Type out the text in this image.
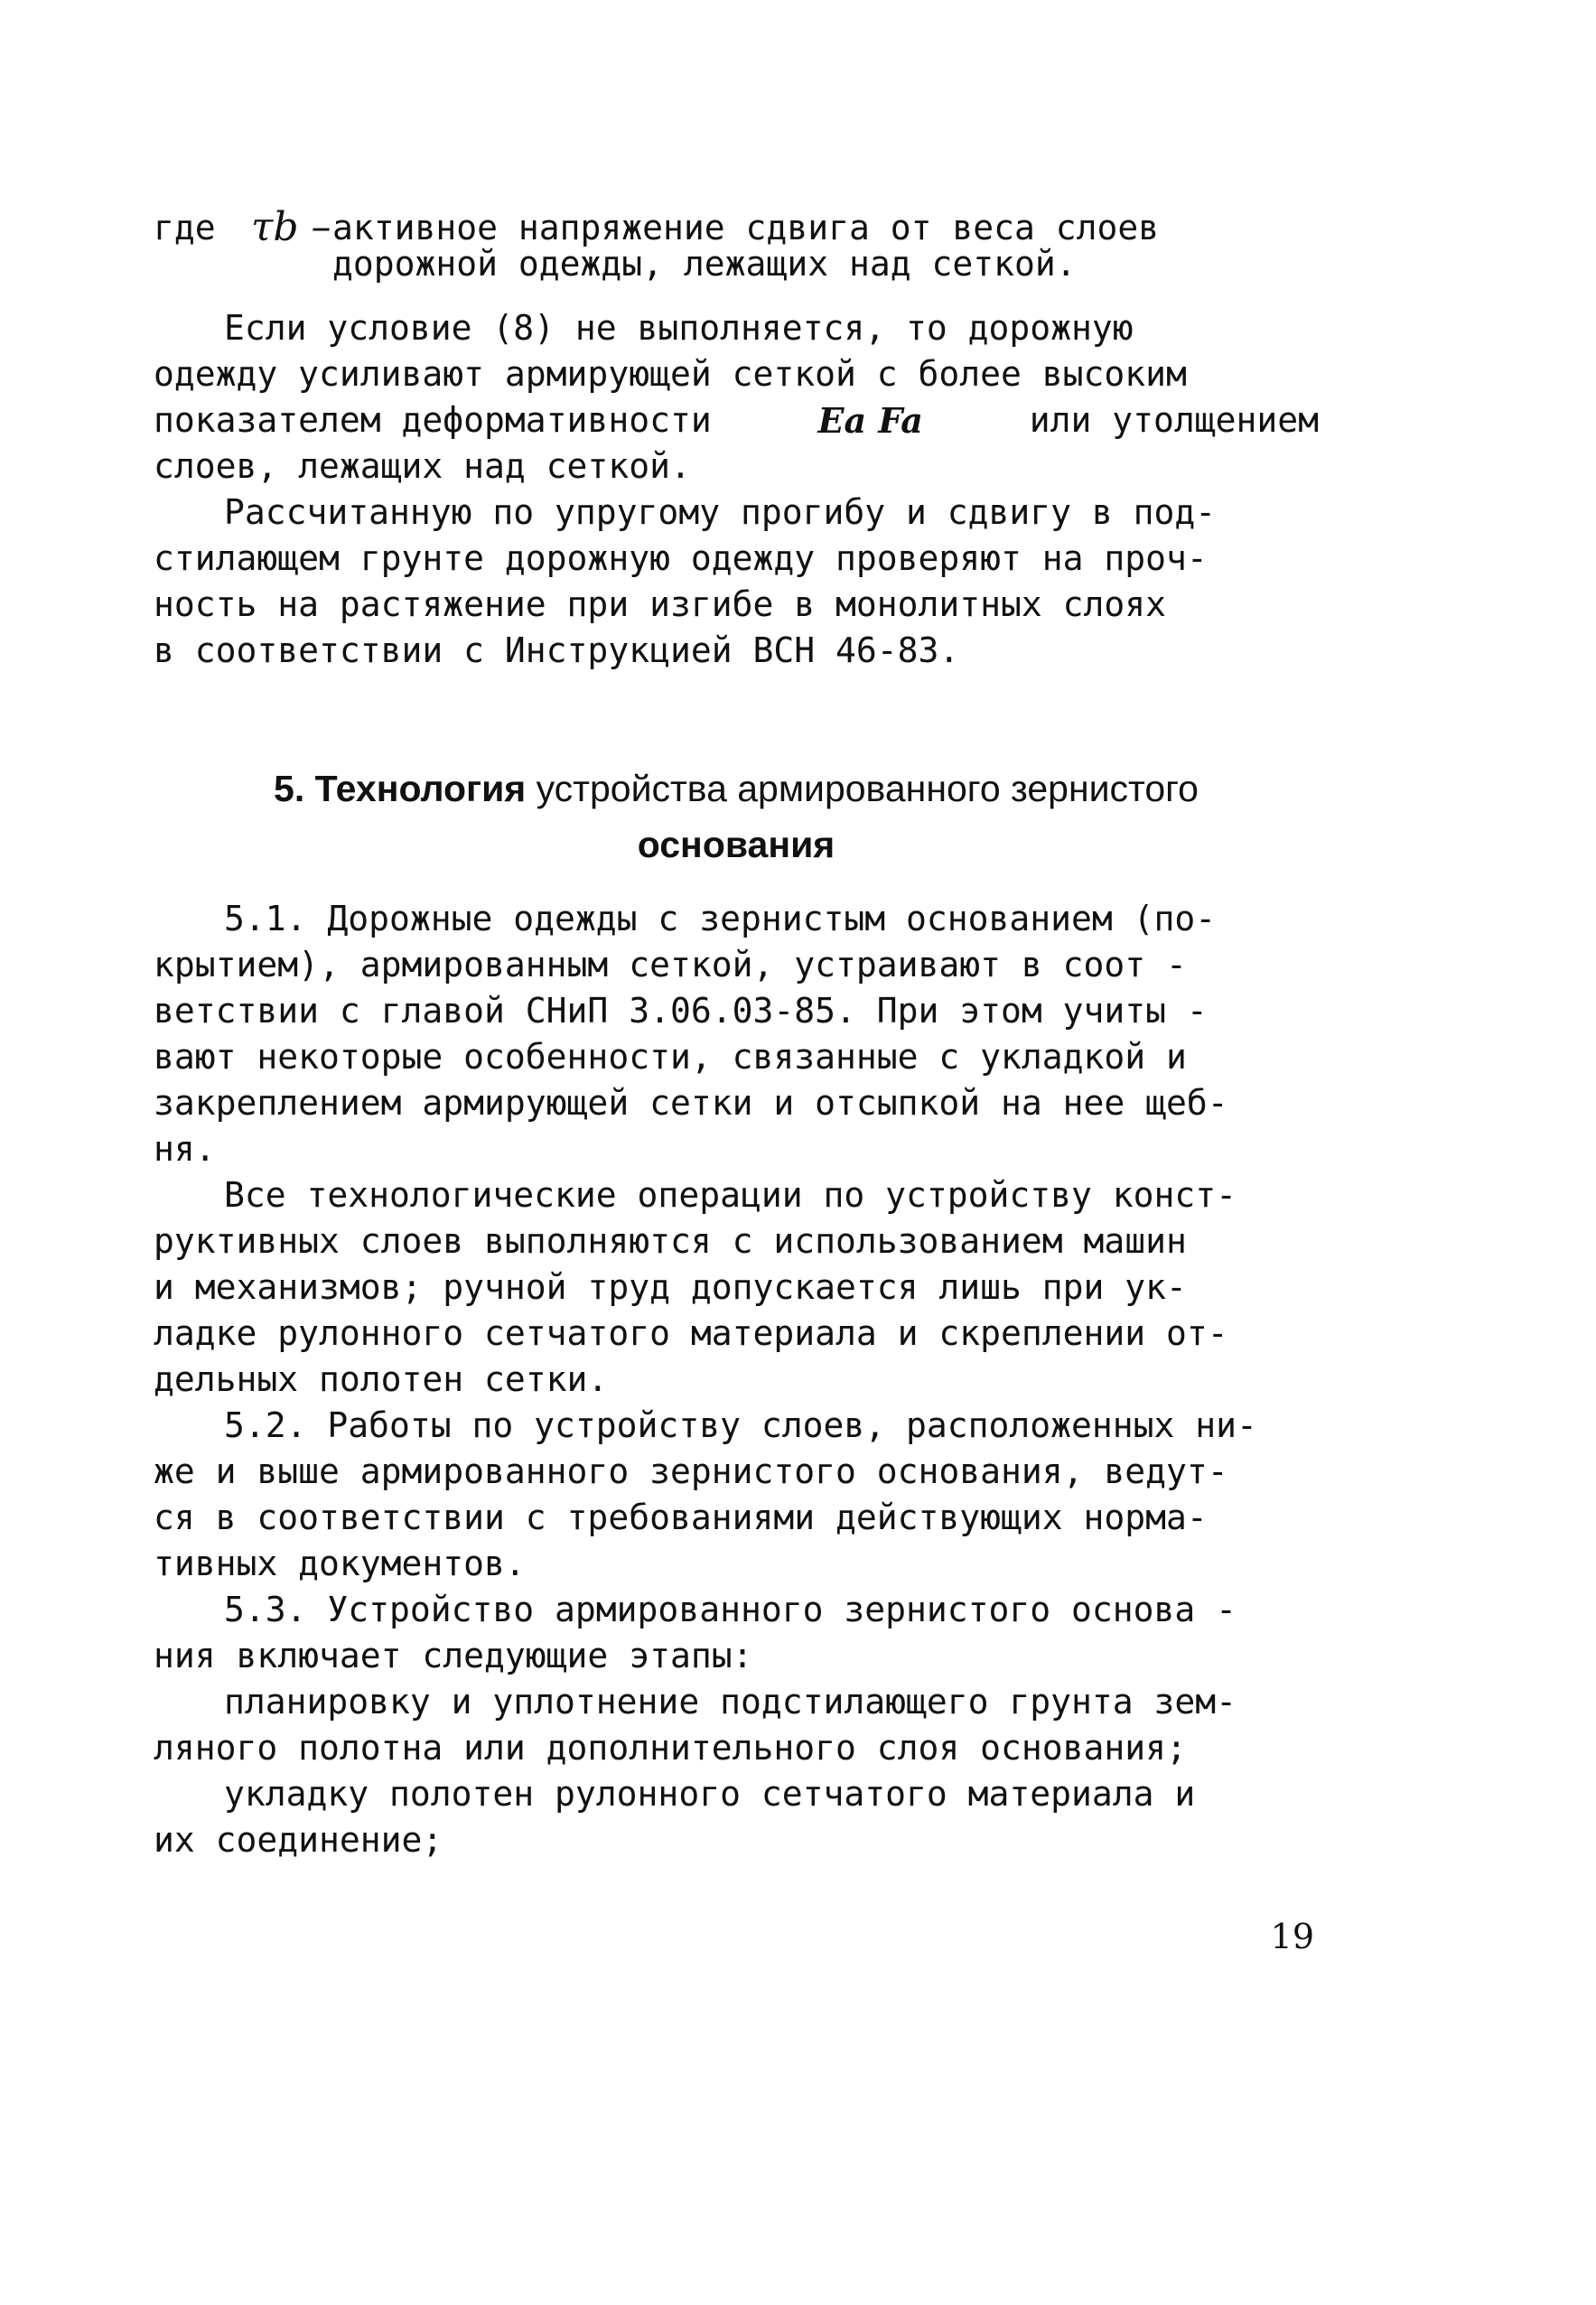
где τb – активное напряжение сдвига от веса слоев
дорожной одежды, лежащих над сеткой.
Если условие (8) не выполняется, то дорожную
одежду усиливают армирующей сеткой с более высоким
показателем деформативности	Ea Fa	или утолщением
слоев, лежащих над сеткой.
Рассчитанную по упругому прогибу и сдвигу в под-
стилающем грунте дорожную одежду проверяют на проч-
ность на растяжение при изгибе в монолитных слоях
в соответствии с Инструкцией ВСН 46-83.
5. Технология устройства армированного зернистого
основания
5.1. Дорожные одежды с зернистым основанием (по-
крытием), армированным сеткой, устраивают в соот -
ветствии с главой СНиП 3.06.03-85. При этом учиты -
вают некоторые особенности, связанные с укладкой и
закреплением армирующей сетки и отсыпкой на нее щеб-
ня.
Все технологические операции по устройству конст-
руктивных слоев выполняются с использованием машин
и механизмов; ручной труд допускается лишь при ук-
ладке рулонного сетчатого материала и скреплении от-
дельных полотен сетки.
5.2. Работы по устройству слоев, расположенных ни-
же и выше армированного зернистого основания, ведут-
ся в соответствии с требованиями действующих норма-
тивных документов.
5.3. Устройство армированного зернистого основа -
ния включает следующие этапы:
планировку и уплотнение подстилающего грунта зем-
ляного полотна или дополнительного слоя основания;
укладку полотен рулонного сетчатого материала и
их соединение;
19
